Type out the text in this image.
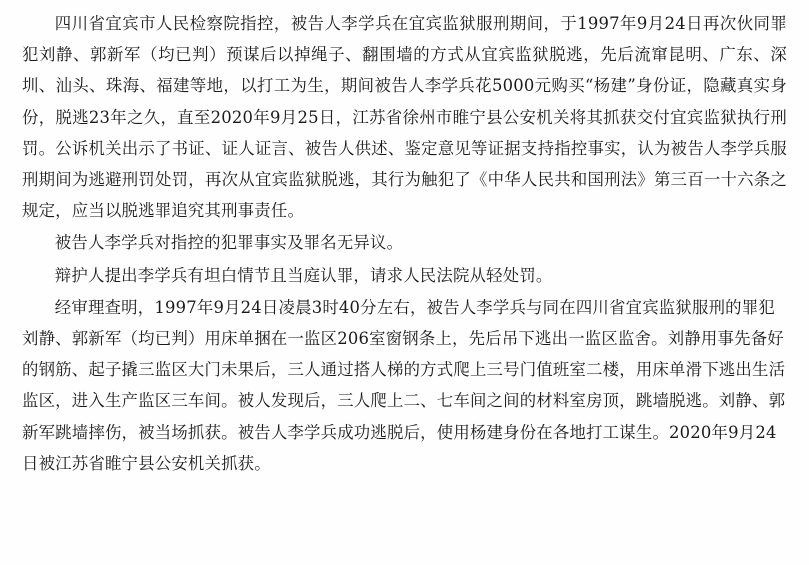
四川省宜宾市人民检察院指控，被告人李学兵在宜宾监狱服刑期间，于1997年9月24日再次伙同罪犯刘静、郭新军（均已判）预谋后以掉绳子、翻围墙的方式从宜宾监狱脱逃，先后流窜昆明、广东、深圳、汕头、珠海、福建等地，以打工为生，期间被告人李学兵花5000元购买“杨建”身份证，隐藏真实身份，脱逃23年之久，直至2020年9月25日，江苏省徐州市睢宁县公安机关将其抓获交付宜宾监狱执行刑罚。公诉机关出示了书证、证人证言、被告人供述、鉴定意见等证据支持指控事实，认为被告人李学兵服刑期间为逃避刑罚处罚，再次从宜宾监狱脱逃，其行为触犯了《中华人民共和国刑法》第三百一十六条之规定，应当以脱逃罪追究其刑事责任。

被告人李学兵对指控的犯罪事实及罪名无异议。

辩护人提出李学兵有坦白情节且当庭认罪，请求人民法院从轻处罚。

经审理查明，1997年9月24日凌晨3时40分左右，被告人李学兵与同在四川省宜宾监狱服刑的罪犯刘静、郭新军（均已判）用床单捆在一监区206室窗钢条上，先后吊下逃出一监区监舍。刘静用事先备好的钢筋、起子撬三监区大门未果后，三人通过搭人梯的方式爬上三号门值班室二楼，用床单滑下逃出生活监区，进入生产监区三车间。被人发现后，三人爬上二、七车间之间的材料室房顶，跳墙脱逃。刘静、郭新军跳墙摔伤，被当场抓获。被告人李学兵成功逃脱后，使用杨建身份在各地打工谋生。2020年9月24日被江苏省睢宁县公安机关抓获。
